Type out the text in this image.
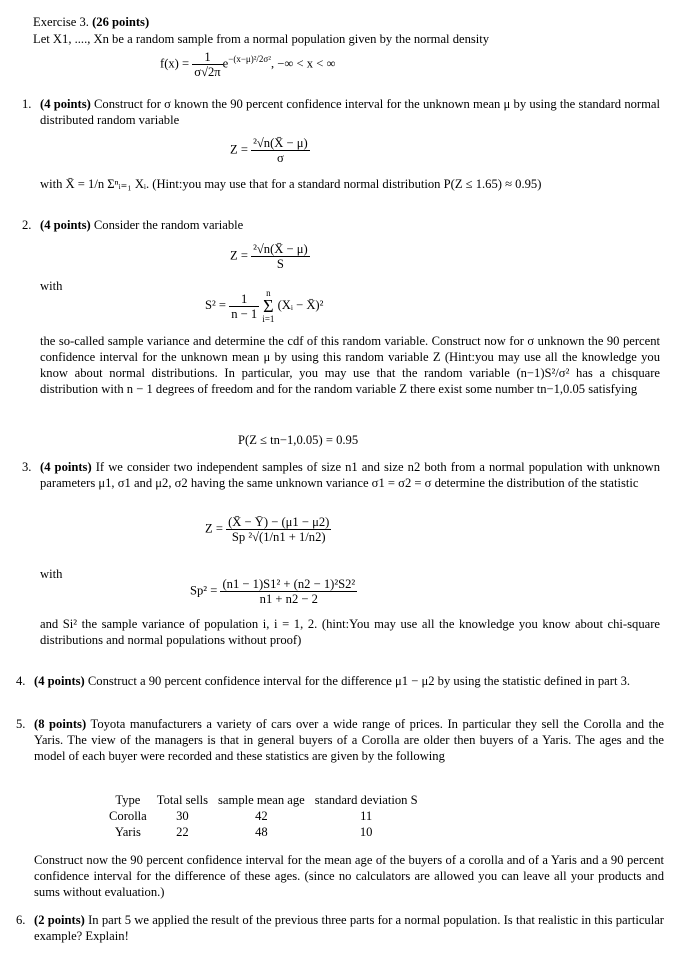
Exercise 3. (26 points)
Let X1, ...., Xn be a random sample from a normal population given by the normal density
$f(x) = \frac{1}{\sigma√2\pi} e^{-(x-\mu)^2/2\sigma^2}$, −∞ < x < ∞
1. (4 points) Construct for σ known the 90 percent confidence interval for the unknown mean μ by using the standard normal distributed random variable
$Z = \frac{\text{²√n(X̄ − μ)}}{\sigma}$
with X̄ = 1/n Σⁿᵢ₌₁ Xᵢ. (Hint:you may use that for a standard normal distribution P(Z ≤ 1.65) ≈ 0.95)
2. (4 points) Consider the random variable
$Z = \frac{\text{²√n(X̄ − μ)}}{S}$
with
$S^2 = \frac{1}{n - 1}$
n
Σ
i=1
(Xᵢ − X̄)²
the so-called sample variance and determine the cdf of this random variable. Construct now for σ unknown the 90 percent confidence interval for the unknown mean μ by using this random variable Z (Hint:you may use all the knowledge you know about normal distributions. In particular, you may use that the random variable (n−1)S²/σ² has a chisquare distribution with n − 1 degrees of freedom and for the random variable Z there exist some number tn−1,0.05 satisfying
P(Z ≤ tn−1,0.05) = 0.95
3. (4 points) If we consider two independent samples of size n1 and size n2 both from a normal population with unknown parameters μ1, σ1 and μ2, σ2 having the same unknown variance σ1 = σ2 = σ determine the distribution of the statistic
$Z = \frac{(X̄ - Ȳ) - (\mu 1 - \mu 2)}{\text{Sp ²√(1/n1 + 1/n2)}}$
with
$Sp^2 = \frac{\text{(n1 − 1)S1² + (n2 − 1)²S2²}}{n1 + n2 - 2}$
and Si² the sample variance of population i, i = 1, 2. (hint:You may use all the knowledge you know about chi-square distributions and normal populations without proof)
4. (4 points) Construct a 90 percent confidence interval for the difference μ1 − μ2 by using the statistic defined in part 3.
5. (8 points) Toyota manufacturers a variety of cars over a wide range of prices. In particular they sell the Corolla and the Yaris. The view of the managers is that in general buyers of a Corolla are older then buyers of a Yaris. The ages and the model of each buyer were recorded and these statistics are given by the following
Type	Total sells	sample mean age	standard deviation S
Corolla	30	42	11
Yaris	22	48	10
Construct now the 90 percent confidence interval for the mean age of the buyers of a corolla and of a Yaris and a 90 percent confidence interval for the difference of these ages. (since no calculators are allowed you can leave all your products and sums without evaluation.)
6. (2 points) In part 5 we applied the result of the previous three parts for a normal population. Is that realistic in this particular example? Explain!
